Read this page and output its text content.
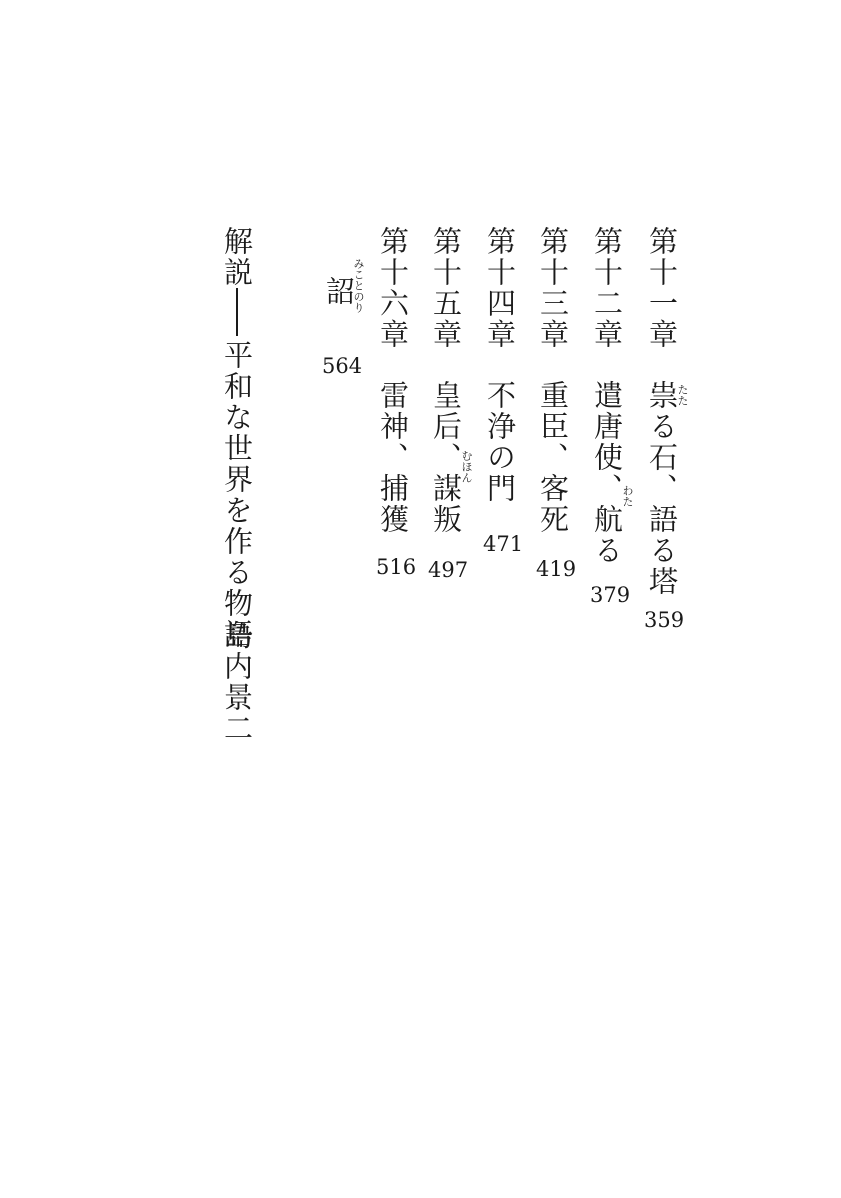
第十一章
祟る石、語る塔
たた
359
第十二章
遣唐使、航る
わた
379
第十三章
重臣、客死
419
第十四章
不浄の門
471
第十五章
皇后、謀叛
むほん
497
第十六章
雷神、捕獲
516
詔
みことのり
564
解説
平和な世界を作る物語
島内景二
